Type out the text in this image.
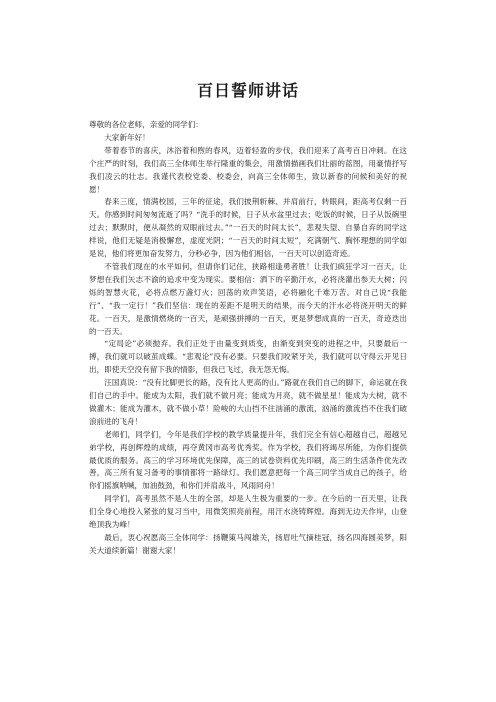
百日誓师讲话

尊敬的各位老师，亲爱的同学们：

大家新年好！

带着春节的喜庆，沐浴着和煦的春风，迈着轻盈的步伐，我们迎来了高考百日冲刺。在这个庄严的时刻，我们高三全体师生举行隆重的集会，用激情描画我们壮丽的蓝图，用豪情抒写我们凌云的壮志。我谨代表校党委、校委会，向高三全体师生，致以新春的问候和美好的祝愿！

春来三度，情满校园，三年的征途，我们披荆斩棘、并肩前行，转眼间，距高考仅剩一百天。你感到时间匆匆流逝了吗？“洗手的时候，日子从水盆里过去；吃饭的时候，日子从饭碗里过去；默默时，便从凝然的双眼前过去。”“一百天的时间太长”，悲观失望、自暴自弃的同学这样说，他们无疑是消极懈怠，虚度光阴；“一百天的时间太短”，充满朝气、胸怀理想的同学如是说，他们将更加奋发努力，分秒必争，因为他们相信，一百天可以创造奇迹。

不管我们现在的水平如何，但请你们记住，狭路相逢勇者胜！让我们疯狂学习一百天，让梦想在我们矢志不渝的追求中变为现实。要相信：洒下的辛勤汗水，必将浇灌出参天大树；闪烁的智慧火花，必将点燃万盏灯火；回荡的欢声笑语，必将融化千难万苦。对自己说“我能行”、“我一定行！”我们坚信：现在的差距不是明天的结果，而今天的汗水必将浇开明天的鲜花。一百天，是激情燃烧的一百天，是顽强拼搏的一百天，更是梦想成真的一百天，奇迹迭出的一百天。

“定局论”必须抛弃。我们正处于由量变到质变，由渐变到突变的进程之中，只要最后一搏，我们就可以破茧成蝶。“悲观论”没有必要。只要我们咬紧牙关，我们就可以守得云开见日出，即使天空没有留下我的情影，但我已飞过，我无怨无悔。

汪国真说：“没有比脚更长的路，没有比人更高的山。”路就在我们自己的脚下，命运就在我们自己的手中。能成为太阳，我们就不做月亮；能成为月亮，就不做星星！能成为大树，就不做灌木；能成为灌木，就不做小草！险峻的大山挡不住汹涌的激流，汹涌的激流挡不住我们破浪前进的飞舟！

老师们，同学们，今年是我们学校的教学质量提升年，我们完全有信心超越自己，超越兄弟学校，再创辉煌的成绩，再夺黄冈市高考优秀奖。作为学校，我们将竭尽所能，为你们提供最优质的服务。高三的学习环境优先保障，高三的试卷资料优先印刷，高三的生活条件优先改善，高三所有复习备考的事情都将一路绿灯。我们愿意把每一个高三同学当成自己的孩子，给你们摇旗呐喊，加油鼓劲，和你们并肩战斗，风雨同舟！

同学们，高考虽然不是人生的全部，却是人生极为重要的一步。在今后的一百天里，让我们全身心地投入紧张的复习当中，用微笑照亮前程，用汗水浇铸辉煌。海到无边天作岸，山登绝顶我为峰！

最后，衷心祝愿高三全体同学：扬鞭策马闯雄关，扬眉吐气摘桂冠，扬名四海圆美梦，阳关大道续新篇！谢谢大家！
